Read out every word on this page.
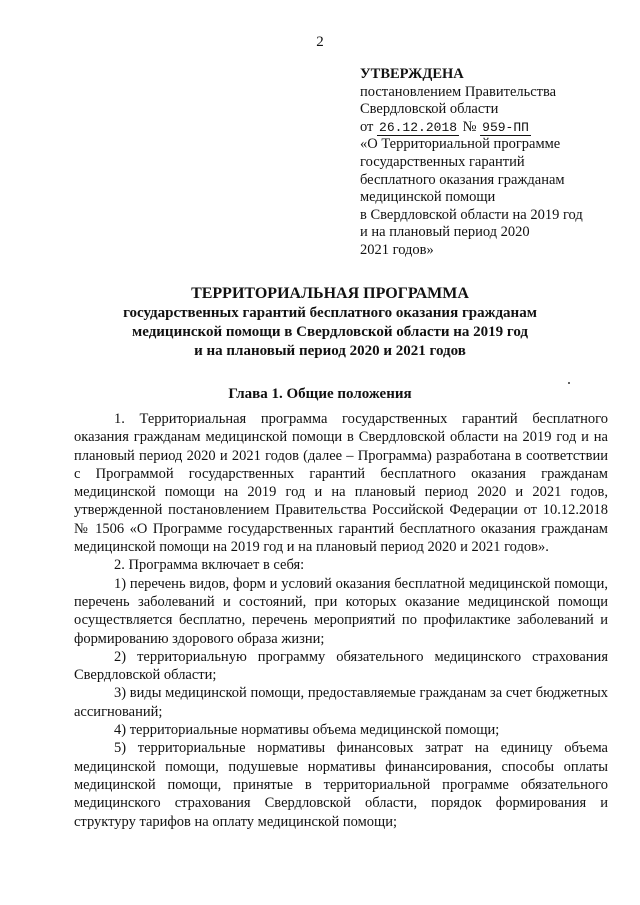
2
УТВЕРЖДЕНА
постановлением Правительства
Свердловской области
от 26.12.2018 № 959-ПП
«О Территориальной программе
государственных гарантий
бесплатного оказания гражданам
медицинской помощи
в Свердловской области на 2019 год
и на плановый период 2020
2021 годов»
ТЕРРИТОРИАЛЬНАЯ ПРОГРАММА
государственных гарантий бесплатного оказания гражданам
медицинской помощи в Свердловской области на 2019 год
и на плановый период 2020 и 2021 годов
Глава 1. Общие положения

1. Территориальная программа государственных гарантий бесплатного оказания гражданам медицинской помощи в Свердловской области на 2019 год и на плановый период 2020 и 2021 годов (далее – Программа) разработана в соответствии с Программой государственных гарантий бесплатного оказания гражданам медицинской помощи на 2019 год и на плановый период 2020 и 2021 годов, утвержденной постановлением Правительства Российской Федерации от 10.12.2018 № 1506 «О Программе государственных гарантий бесплатного оказания гражданам медицинской помощи на 2019 год и на плановый период 2020 и 2021 годов».

2. Программа включает в себя:

1) перечень видов, форм и условий оказания бесплатной медицинской помощи, перечень заболеваний и состояний, при которых оказание медицинской помощи осуществляется бесплатно, перечень мероприятий по профилактике заболеваний и формированию здорового образа жизни;

2) территориальную программу обязательного медицинского страхования Свердловской области;

3) виды медицинской помощи, предоставляемые гражданам за счет бюджетных ассигнований;

4) территориальные нормативы объема медицинской помощи;

5) территориальные нормативы финансовых затрат на единицу объема медицинской помощи, подушевые нормативы финансирования, способы оплаты медицинской помощи, принятые в территориальной программе обязательного медицинского страхования Свердловской области, порядок формирования и структуру тарифов на оплату медицинской помощи;
